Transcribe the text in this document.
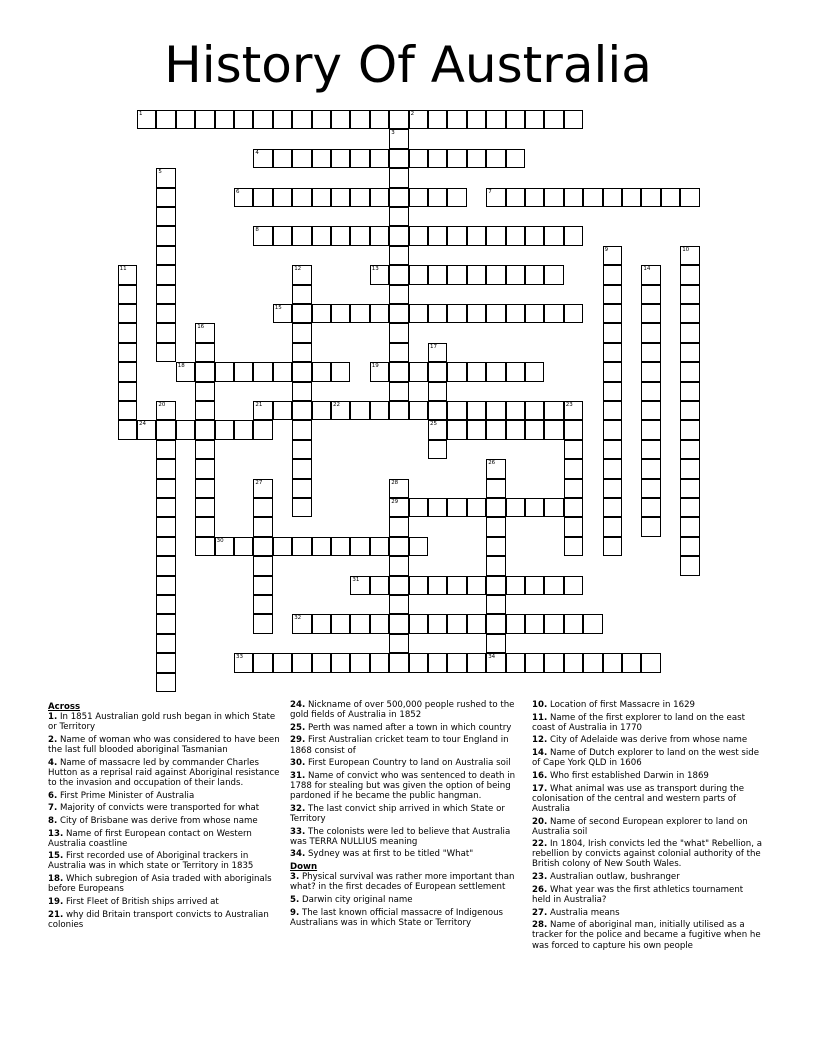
History Of Australia
1	2
3
4
5
6	7
8
9	10
11	12	13	14
15
16
17
25
18	19
20	21	22	23
24
26
34
27	28
29
30
31
32
33
Across
1. In 1851 Australian gold rush began in which State or Territory
2. Name of woman who was considered to have been the last full blooded aboriginal Tasmanian
4. Name of massacre led by commander Charles Hutton as a reprisal raid against Aboriginal resistance to the invasion and occupation of their lands.
6. First Prime Minister of Australia
7. Majority of convicts were transported for what
8. City of Brisbane was derive from whose name
13. Name of first European contact on Western Australia coastline
15. First recorded use of Aboriginal trackers in Australia was in which state or Territory in 1835
18. Which subregion of Asia traded with aboriginals before Europeans
19. First Fleet of British ships arrived at
21. why did Britain transport convicts to Australian colonies
24. Nickname of over 500,000 people rushed to the gold fields of Australia in 1852
25. Perth was named after a town in which country
29. First Australian cricket team to tour England in 1868 consist of
30. First European Country to land on Australia soil
31. Name of convict who was sentenced to death in 1788 for stealing but was given the option of being pardoned if he became the public hangman.
32. The last convict ship arrived in which State or Territory
33. The colonists were led to believe that Australia was TERRA NULLIUS meaning
34. Sydney was at first to be titled "What"
Down
3. Physical survival was rather more important than what? in the first decades of European settlement
5. Darwin city original name
9. The last known official massacre of Indigenous Australians was in which State or Territory
10. Location of first Massacre in 1629
11. Name of the first explorer to land on the east coast of Australia in 1770
12. City of Adelaide was derive from whose name
14. Name of Dutch explorer to land on the west side of Cape York QLD in 1606
16. Who first established Darwin in 1869
17. What animal was use as transport during the colonisation of the central and western parts of Australia
20. Name of second European explorer to land on Australia soil
22. In 1804, Irish convicts led the "what" Rebellion, a rebellion by convicts against colonial authority of the British colony of New South Wales.
23. Australian outlaw, bushranger
26. What year was the first athletics tournament held in Australia?
27. Australia means
28. Name of aboriginal man, initially utilised as a tracker for the police and became a fugitive when he was forced to capture his own people
